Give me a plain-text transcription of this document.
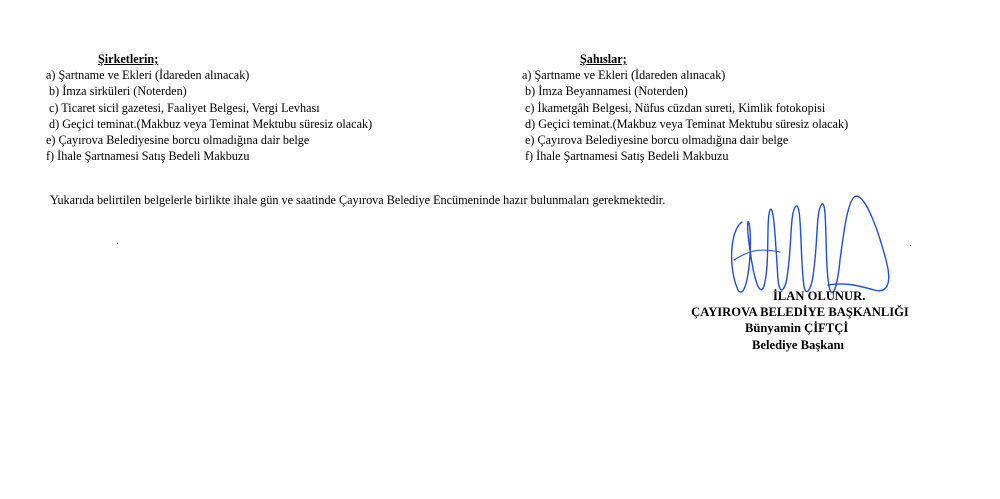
Şirketlerin;
a) Şartname ve Ekleri (İdareden alınacak)
b) İmza sirküleri (Noterden)
c) Ticaret sicil gazetesi, Faaliyet Belgesi, Vergi Levhası
d) Geçici teminat.(Makbuz veya Teminat Mektubu süresiz olacak)
e) Çayırova Belediyesine borcu olmadığına dair belge
f) İhale Şartnamesi Satış Bedeli Makbuzu
Şahıslar;
a) Şartname ve Ekleri (İdareden alınacak)
b) İmza Beyannamesi (Noterden)
c) İkametgâh Belgesi, Nüfus cüzdan sureti, Kimlik fotokopisi
d) Geçici teminat.(Makbuz veya Teminat Mektubu süresiz olacak)
e) Çayırova Belediyesine borcu olmadığına dair belge
f) İhale Şartnamesi Satış Bedeli Makbuzu
Yukarıda belirtilen belgelerle birlikte ihale gün ve saatinde Çayırova Belediye Encümeninde hazır bulunmaları gerekmektedir.
İLAN OLUNUR.
ÇAYIROVA BELEDİYE BAŞKANLIĞI
Bünyamin ÇİFTÇİ
Belediye Başkanı
